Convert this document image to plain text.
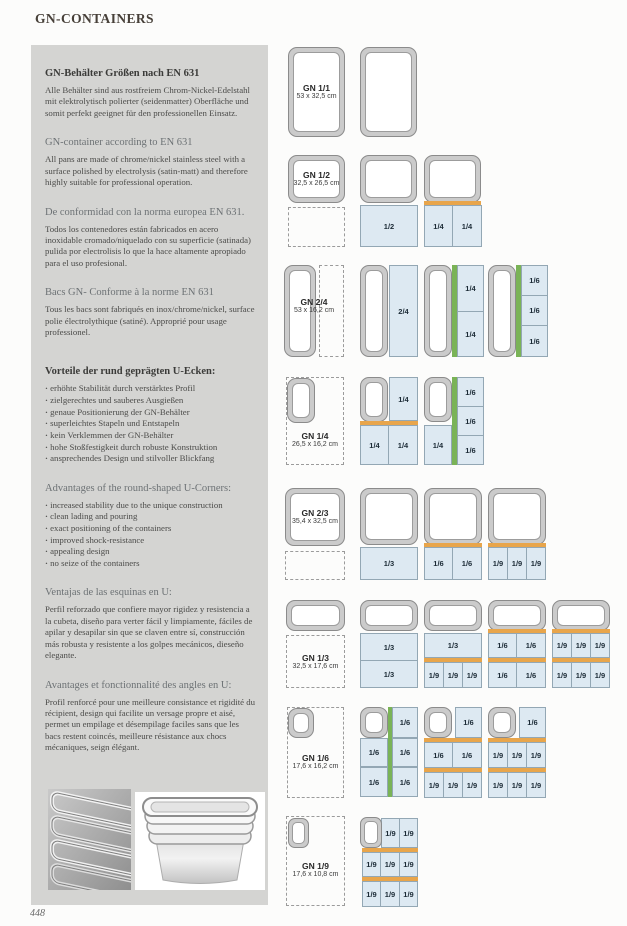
GN-CONTAINERS
GN-Behälter Größen nach EN 631

Alle Behälter sind aus rostfreiem Chrom-Nickel-Edelstahl mit elektrolytisch polierter (seidenmatter) Oberfläche und somit perfekt geeignet für den professionellen Einsatz.

GN-container according to EN 631

All pans are made of chrome/nickel stainless steel with a surface polished by electrolysis (satin-matt) and therefore highly suitable for professional operation.

De conformidad con la norma europea EN 631.

Todos los contenedores están fabricados en acero inoxidable cromado/niquelado con su superficie (satinada) pulida por electrolisis lo que la hace altamente apropiado para el uso profesional.

Bacs GN- Conforme à la norme EN 631

Tous les bacs sont fabriqués en inox/chrome/nickel, surface polie électrolythique (satiné). Approprié pour usage professionel.

Vorteile der rund geprägten U-Ecken:
· erhöhte Stabilität durch verstärktes Profil
· zielgerechtes und sauberes Ausgießen
· genaue Positionierung der GN-Behälter
· superleichtes Stapeln und Entstapeln
· kein Verklemmen der GN-Behälter
· hohe Stoßfestigkeit durch robuste Konstruktion
· ansprechendes Design und stilvoller Blickfang
Advantages of the round-shaped U-Corners:
· increased stability due to the unique construction
· clean lading and pouring
· exact positioning of the containers
· improved shock-resistance
· appealing design
· no seize of the containers
Ventajas de las esquinas en U:

Perfil reforzado que confiere mayor rigidez y resistencia a la cubeta, diseño para verter fácil y limpiamente, fáciles de apilar y desapilar sin que se claven entre sí, construcción más robusta y resistente a los golpes mecánicos, dieseño elegante.

Avantages et fonctionnalité des angles en U:

Profil renforcé pour une meilleure consistance et rigidité du récipient, design qui facilite un versage propre et aisé, permet un empilage et désempilage faciles sans que les bacs restent coincés, meilleure résistance aux chocs mécaniques, seign élégant.

GN 1/1
53 x 32,5 cm
1/2	1/4	1/4
GN 1/2
32,5 x 26,5 cm
2/4
1/4
1/4
1/6
1/6
1/6
GN 2/4
53 x 16,2 cm
1/4
1/4	1/4	1/4
1/6
1/6
1/6
GN 1/4
26,5 x 16,2 cm
1/3	1/6	1/6	1/9	1/9	1/9
GN 2/3
35,4 x 32,5 cm
1/3
1/3
1/3
1/9	1/9	1/9
1/6	1/6
1/6	1/6
1/9	1/9	1/9
1/9	1/9	1/9
GN 1/3
32,5 x 17,6 cm
1/6
1/6	1/6
1/6	1/6
1/6
1/6	1/6
1/9	1/9	1/9
1/6
1/9	1/9	1/9
1/9	1/9	1/9
GN 1/6
17,6 x 16,2 cm
1/9	1/9
1/9	1/9	1/9
1/9	1/9	1/9
GN 1/9
17,6 x 10,8 cm
448
